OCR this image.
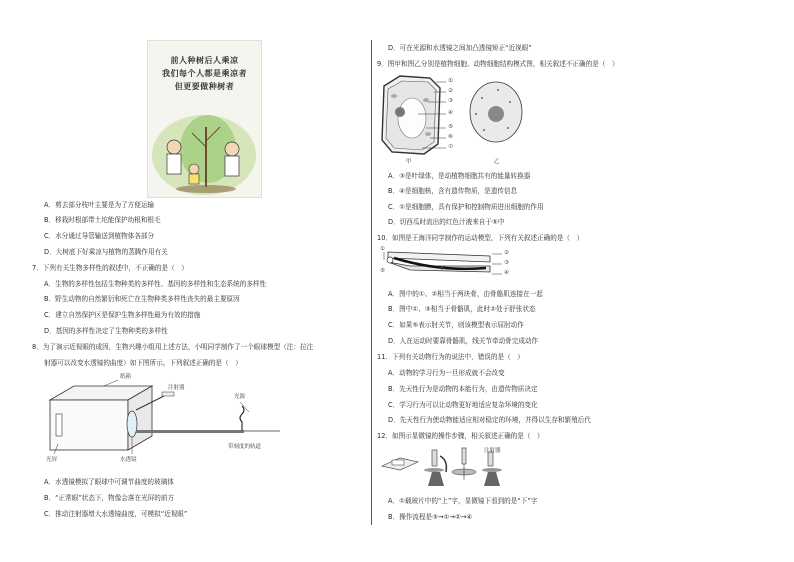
前人种树后人乘凉
我们每个人都是乘凉者
但更要做种树者
A．剪去部分枝叶主要是为了方便运输
B．移栽时根部带土坨能保护幼根和根毛
C．水分通过导管输送到植物体各部分
D．大树底下好乘凉与植物的蒸腾作用有关
7．下列有关生物多样性的叙述中，不正确的是（　）
A．生物的多样性包括生物种类的多样性、基因的多样性和生态系统的多样性
B．野生动物的自然繁衍和死亡在生物种类多样性丧失的最主要原因
C．建立自然保护区是保护生物多样性最为有效的措施
D．基因的多样性决定了生物种类的多样性
8．为了演示近视眼的成因，生物兴趣小组用上述方法，小明同学制作了一个眼球模型（注：拉注
射器可以改变水透镜的曲度）如下图所示。下列叙述正确的是（　）
纸箱
注射器
光源
光屏	水透镜
带刻度的轨道
A．水透镜模拟了眼球中可调节曲度的玻璃体
B．“正常眼”状态下，物像会落在光屏的前方
C．推动注射器增大水透镜曲度，可模拟“近视眼”
D．可在光源和水透镜之间加凸透镜矫正“近视眼”
9．图甲和图乙分别是植物细胞、动物细胞结构模式图，相关叙述不正确的是（　）
①
②
③
④
⑤
⑥
⑦
甲	乙
A．③是叶绿体，是动植物细胞共有的能量转换器
B．④是细胞核，含有遗传物质，是遗传信息
C．①是细胞膜，具有保护和控制物质进出细胞的作用
D．切西瓜时流出的红色汁液来自于⑤中
10．如图是王海洋同学制作的运动模型，下列有关叙述正确的是（　）
①
②
③
④
⑤
A．图中的①、②相当于两块骨，由骨骼肌连接在一起
B．图中①、③相当于骨骼肌，此时②处于舒张状态
C．如果⑤表示肘关节，则该模型表示屈肘动作
D．人在运动时要靠骨骼肌，线关节牵动骨完成动作
11．下列有关动物行为的说法中，错误的是（　）
A．动物的学习行为一旦形成就不会改变
B．先天性行为是动物的本能行为，由遗传物质决定
C．学习行为可以让动物更好地适应复杂环境的变化
D．先天性行为使动物能适应相对稳定的环境，并得以生存和繁殖后代
12．如图示显微镜的操作步骤，相关叙述正确的是（　）
注射器
A．①载玻片中的“上”字，显微镜下看到的是“下”字
B．操作流程是③→①→②→④
